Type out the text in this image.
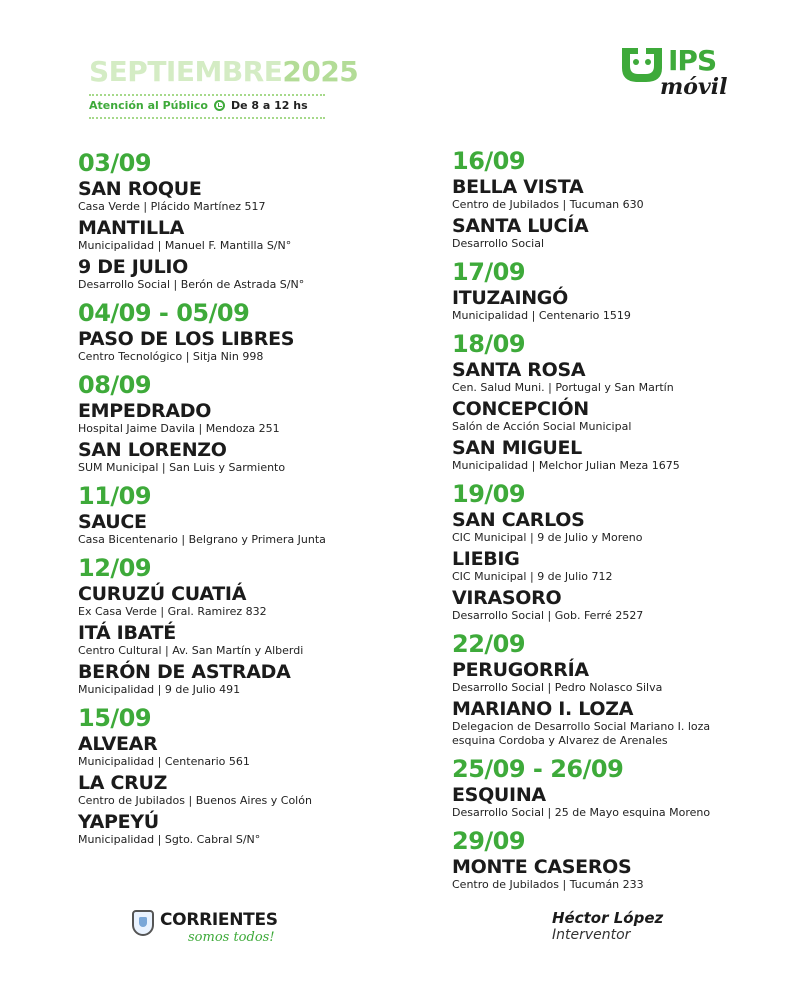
SEPTIEMBRE2025
Atención al Público De 8 a 12 hs
IPS
móvil
03/09
SAN ROQUE
Casa Verde | Plácido Martínez 517
MANTILLA
Municipalidad | Manuel F. Mantilla S/N°
9 DE JULIO
Desarrollo Social | Berón de Astrada S/N°
04/09 - 05/09
PASO DE LOS LIBRES
Centro Tecnológico | Sitja Nin 998
08/09
EMPEDRADO
Hospital Jaime Davila | Mendoza 251
SAN LORENZO
SUM Municipal | San Luis y Sarmiento
11/09
SAUCE
Casa Bicentenario | Belgrano y Primera Junta
12/09
CURUZÚ CUATIÁ
Ex Casa Verde | Gral. Ramirez 832
ITÁ IBATÉ
Centro Cultural | Av. San Martín y Alberdi
BERÓN DE ASTRADA
Municipalidad | 9 de Julio 491
15/09
ALVEAR
Municipalidad | Centenario 561
LA CRUZ
Centro de Jubilados | Buenos Aires y Colón
YAPEYÚ
Municipalidad | Sgto. Cabral S/N°
16/09
BELLA VISTA
Centro de Jubilados | Tucuman 630
SANTA LUCÍA
Desarrollo Social
17/09
ITUZAINGÓ
Municipalidad | Centenario 1519
18/09
SANTA ROSA
Cen. Salud Muni. | Portugal y San Martín
CONCEPCIÓN
Salón de Acción Social Municipal
SAN MIGUEL
Municipalidad | Melchor Julian Meza 1675
19/09
SAN CARLOS
CIC Municipal | 9 de Julio y Moreno
LIEBIG
CIC Municipal | 9 de Julio 712
VIRASORO
Desarrollo Social | Gob. Ferré 2527
22/09
PERUGORRÍA
Desarrollo Social | Pedro Nolasco Silva
MARIANO I. LOZA
Delegacion de Desarrollo Social Mariano I. loza
esquina Cordoba y Alvarez de Arenales
25/09 - 26/09
ESQUINA
Desarrollo Social | 25 de Mayo esquina Moreno
29/09
MONTE CASEROS
Centro de Jubilados | Tucumán 233
CORRIENTES
somos todos!
Héctor López
Interventor
